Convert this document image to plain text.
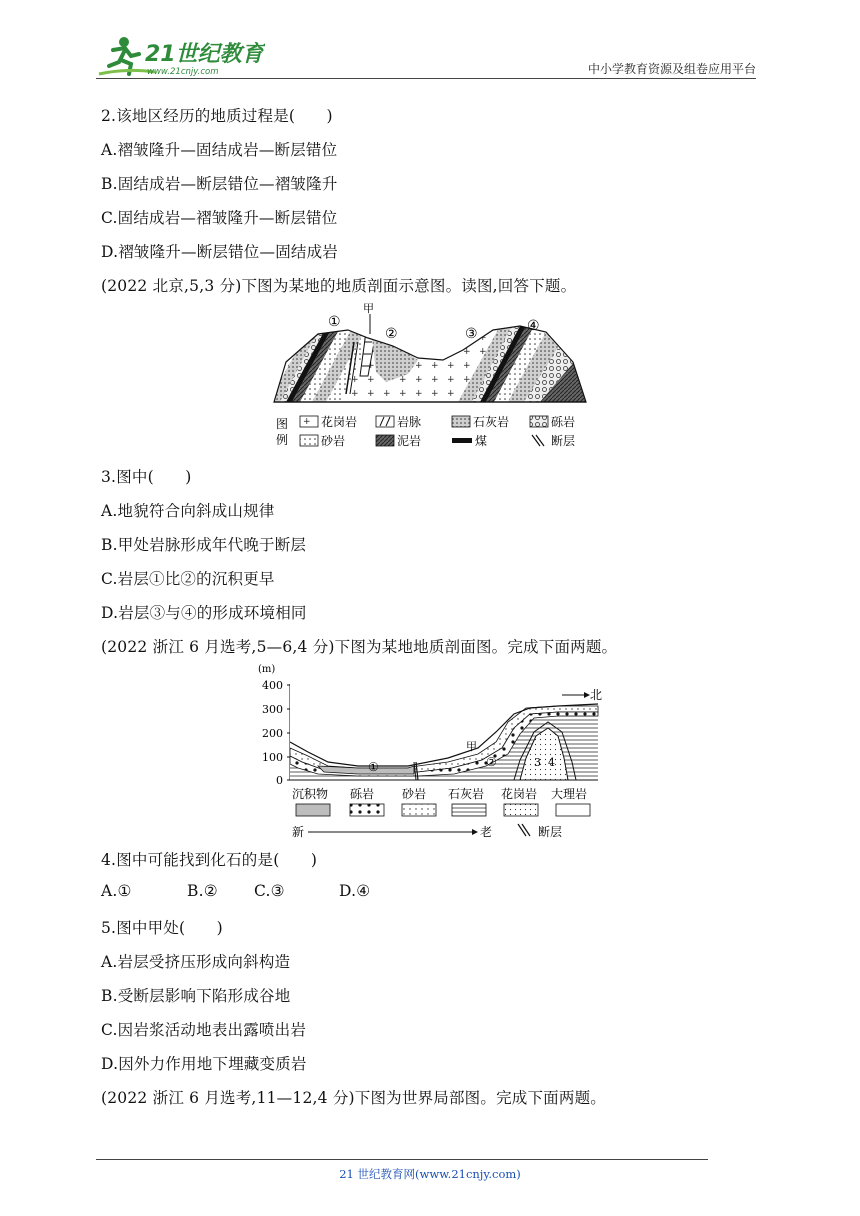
21世纪教育
www.21cnjy.com	中小学教育资源及组卷应用平台
2.该地区经历的地质过程是(　　)
A.褶皱隆升—固结成岩—断层错位
B.固结成岩—断层错位—褶皱隆升
C.固结成岩—褶皱隆升—断层错位
D.褶皱隆升—断层错位—固结成岩
(2022 北京,5,3 分)下图为某地的地质剖面示意图。读图,回答下题。
①
甲
②	③	④
图
例
花岗岩	岩脉	石灰岩	砾岩
砂岩	泥岩	煤	断层
3.图中(　　)
A.地貌符合向斜成山规律
B.甲处岩脉形成年代晚于断层
C.岩层①比②的沉积更早
D.岩层③与④的形成环境相同
(2022 浙江 6 月选考,5—6,4 分)下图为某地地质剖面图。完成下面两题。
(m)
400
300
200
100
0
①
甲
②	3 4
北
沉积物 砾岩 砂岩 石灰岩 花岗岩 大理岩
新	老	断层
4.图中可能找到化石的是(　　)
A.①	B.② C.③	D.④
5.图中甲处(　　)
A.岩层受挤压形成向斜构造
B.受断层影响下陷形成谷地
C.因岩浆活动地表出露喷出岩
D.因外力作用地下埋藏变质岩
(2022 浙江 6 月选考,11—12,4 分)下图为世界局部图。完成下面两题。
21 世纪教育网(www.21cnjy.com)
